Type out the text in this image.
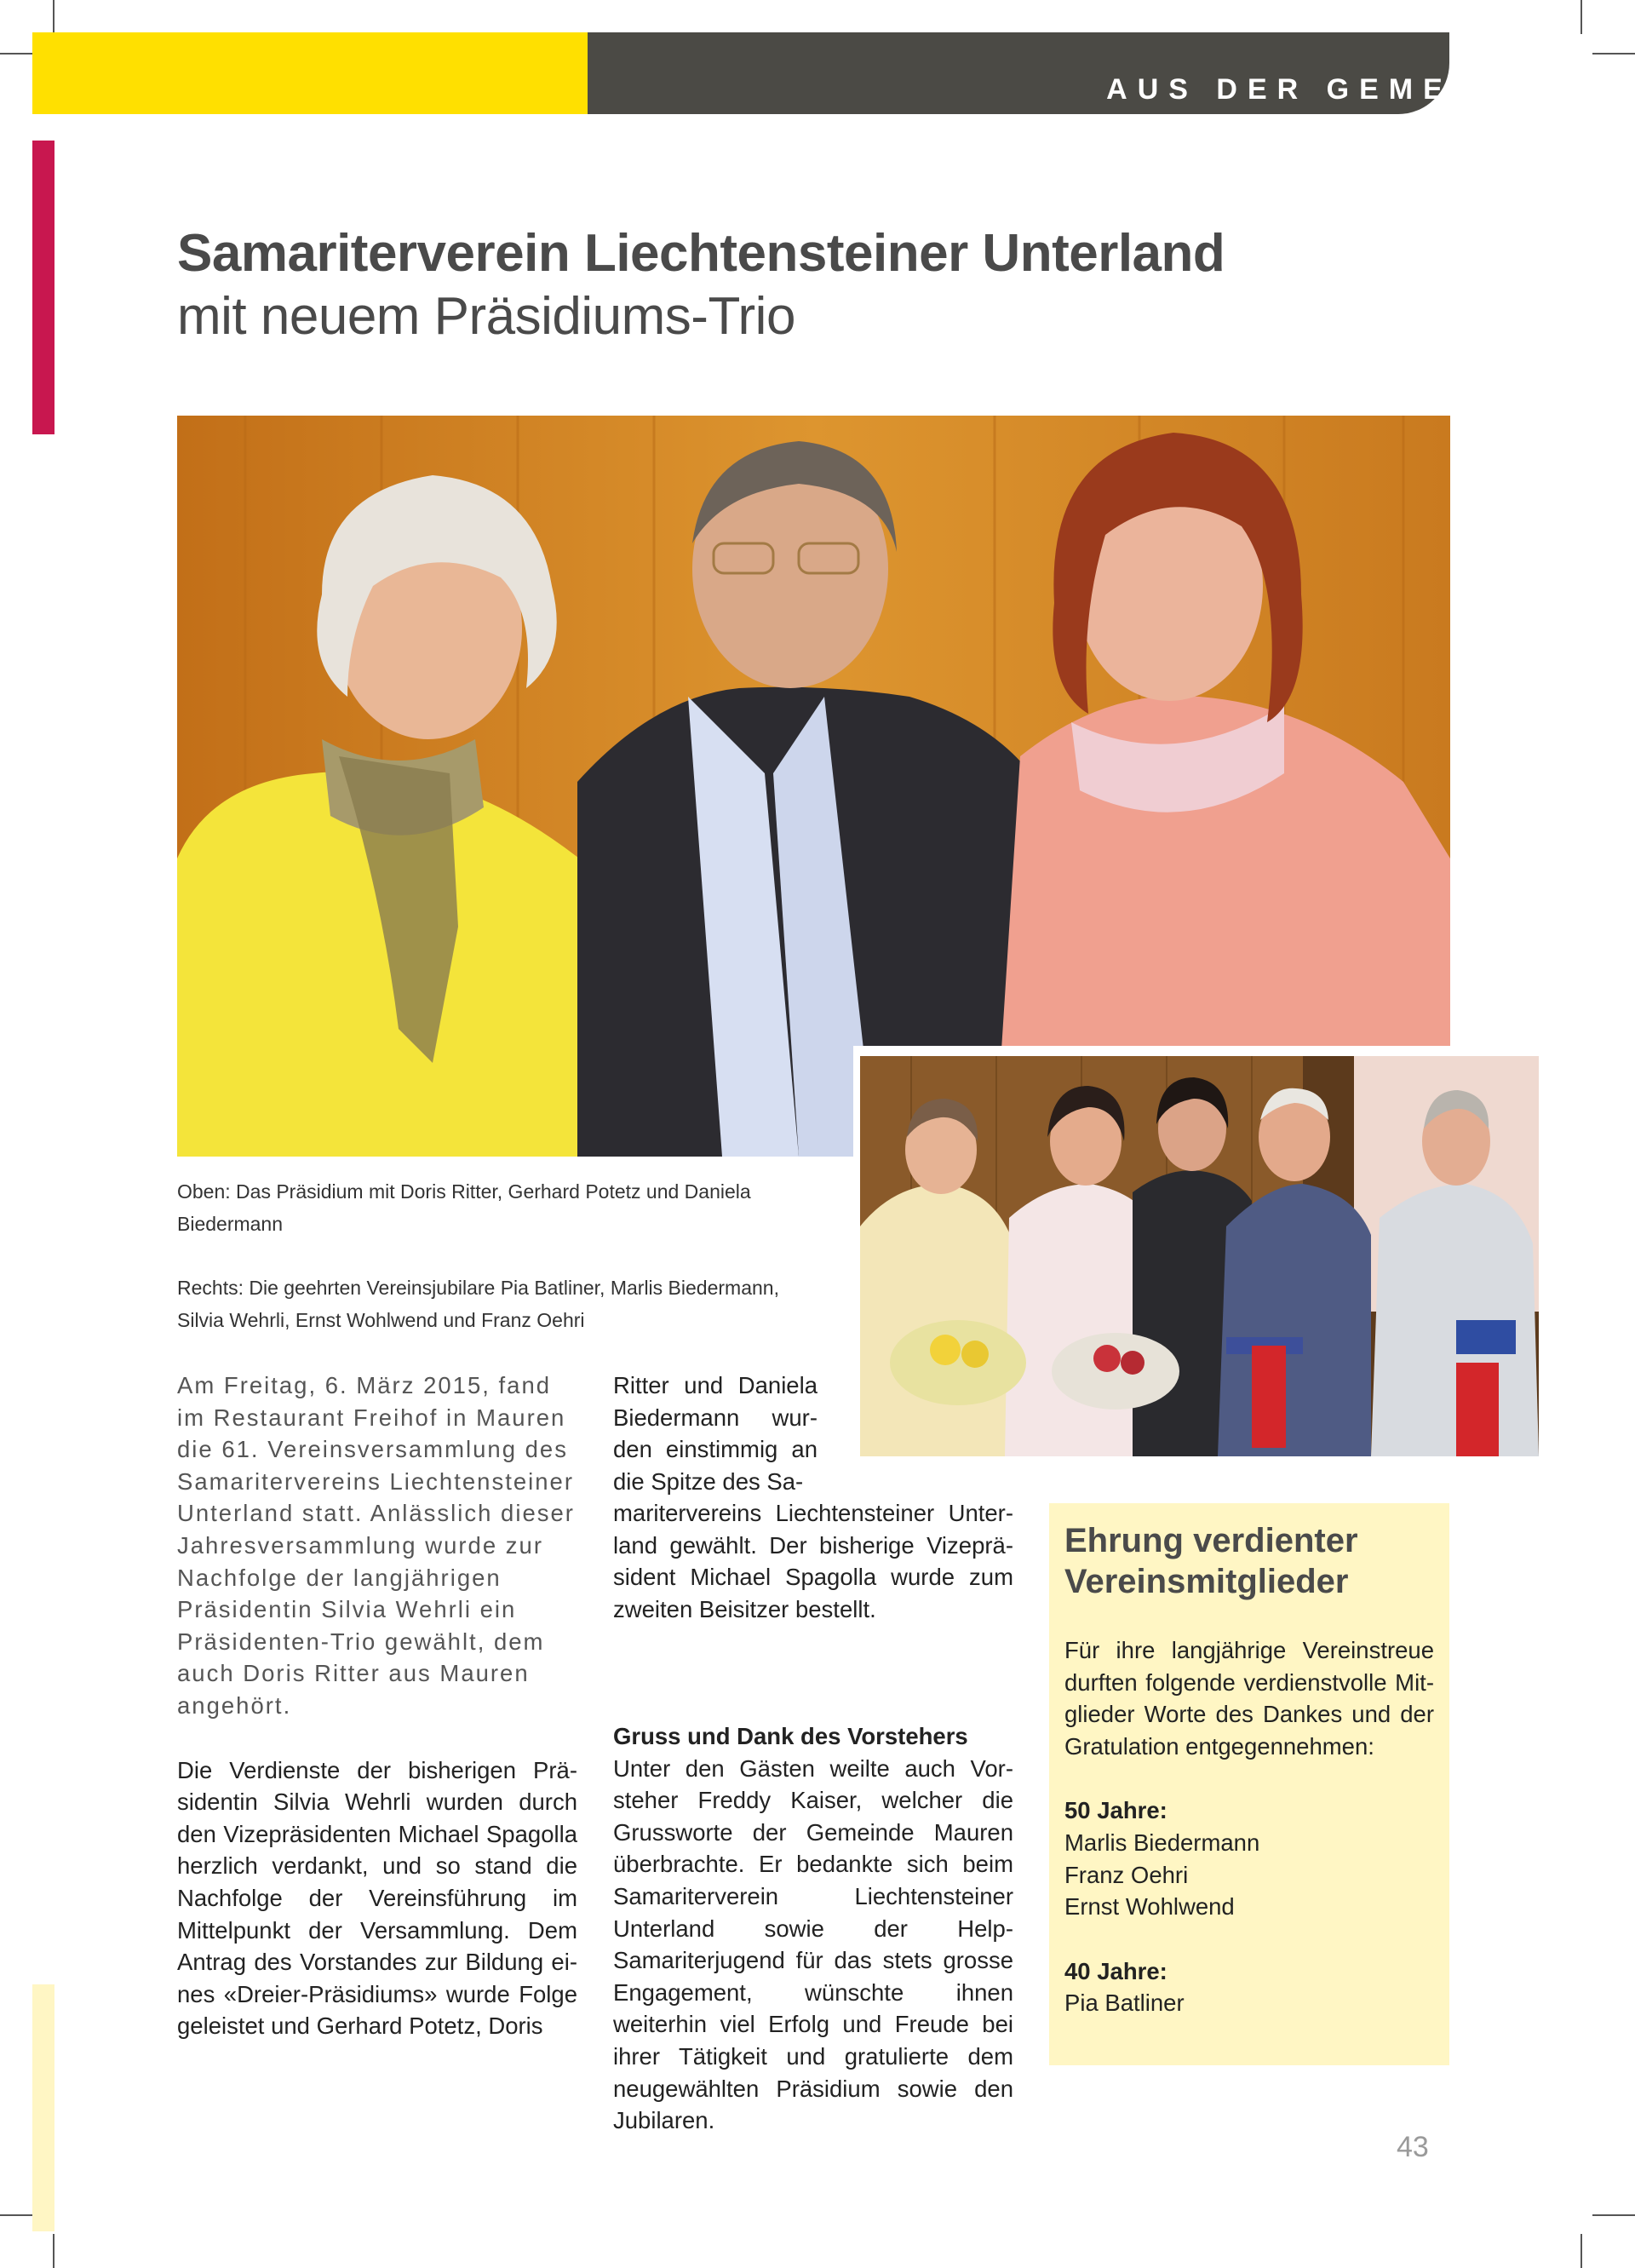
AUS DER GEMEINDE
Samariterverein Liechtensteiner Unterland
mit neuem Präsidiums-Trio
Oben: Das Präsidium mit Doris Ritter, Gerhard Potetz und Daniela Biedermann
Rechts: Die geehrten Vereinsjubilare Pia Batliner, Marlis Biedermann, Silvia Wehrli, Ernst Wohlwend und Franz Oehri

Am Freitag, 6. März 2015, fand im Restaurant Freihof in Mauren die 61. Vereinsversammlung des Samaritervereins Liechtensteiner Unterland statt. Anlässlich dieser Jahresversammlung wurde zur Nachfolge der langjährigen Präsidentin Silvia Wehrli ein Präsidenten-Trio gewählt, dem auch Doris Ritter aus Mauren angehört.

Die Verdienste der bisherigen Präsidentin Silvia Wehrli wurden durch den Vizepräsidenten Michael Spagolla herzlich verdankt, und so stand die Nachfolge der Vereinsführung im Mittelpunkt der Versammlung. Dem Antrag des Vorstandes zur Bildung eines «Dreier-Präsidiums» wurde Folge geleistet und Gerhard Potetz, Doris

Ritter und Daniela Biedermann wurden einstimmig an die Spitze des Sa-

maritervereins Liechtensteiner Unterland gewählt. Der bisherige Vizepräsident Michael Spagolla wurde zum zweiten Beisitzer bestellt.

Gruss und Dank des Vorstehers

Unter den Gästen weilte auch Vorsteher Freddy Kaiser, welcher die Grussworte der Gemeinde Mauren überbrachte. Er bedankte sich beim Samariterverein Liechtensteiner Unterland sowie der Help-Samariterjugend für das stets grosse Engagement, wünschte ihnen weiterhin viel Erfolg und Freude bei ihrer Tätigkeit und gratulierte dem neugewählten Präsidium sowie den Jubilaren.

Ehrung verdienter
Vereinsmitglieder
Für ihre langjährige Vereinstreue durften folgende verdienstvolle Mitglieder Worte des Dankes und der Gratulation entgegennehmen:
50 Jahre:
Marlis Biedermann
Franz Oehri
Ernst Wohlwend
40 Jahre:
Pia Batliner
43
